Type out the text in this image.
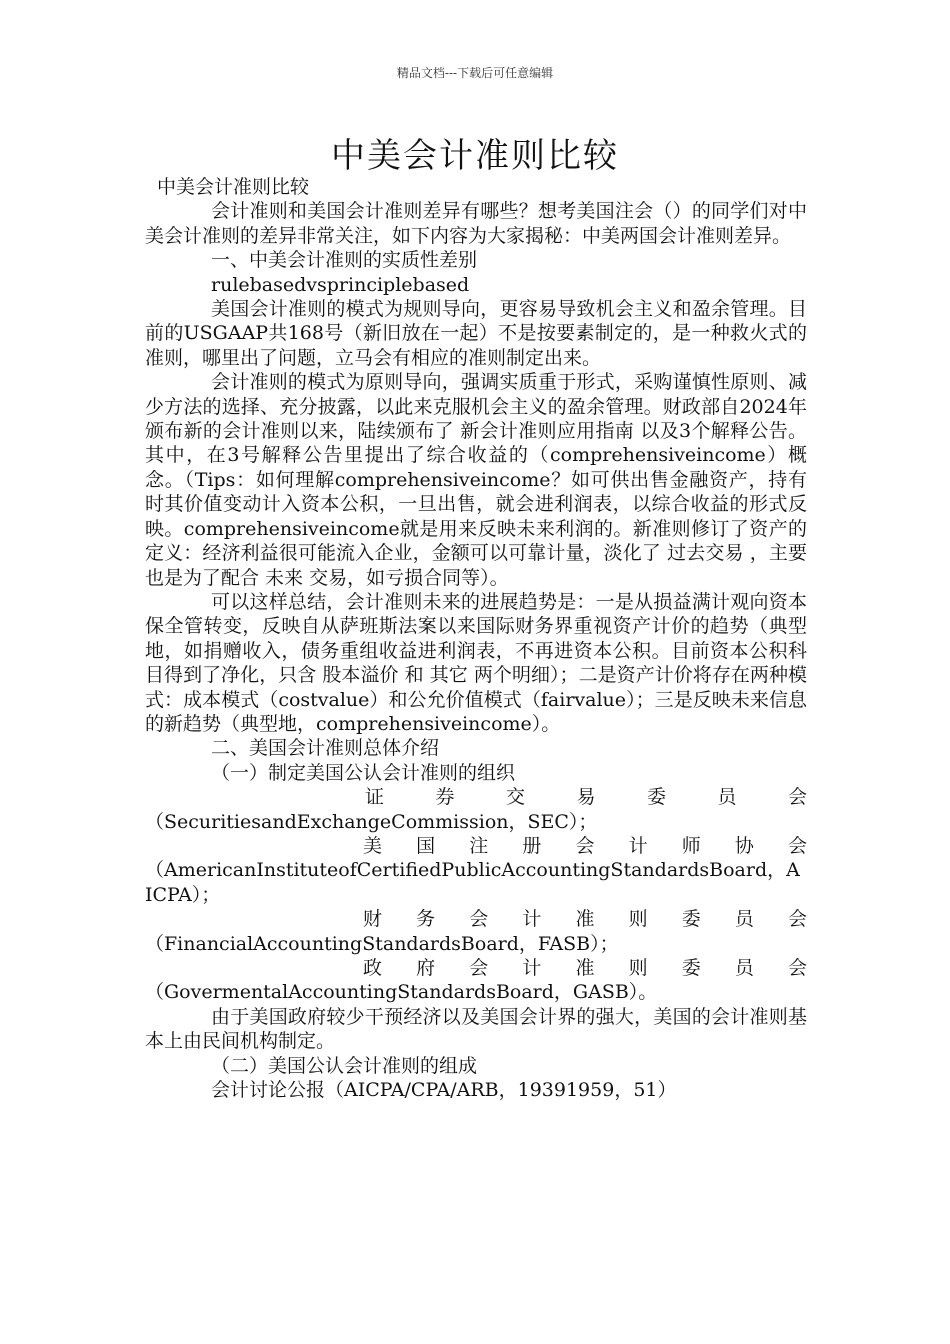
精品文档---下载后可任意编辑
中美会计准则比较

中美会计准则比较

会计准则和美国会计准则差异有哪些？想考美国注会（）的同学们对中美会计准则的差异非常关注，如下内容为大家揭秘：中美两国会计准则差异。

一、中美会计准则的实质性差别

rulebasedvsprinciplebased

美国会计准则的模式为规则导向，更容易导致机会主义和盈余管理。目前的USGAAP共168号（新旧放在一起）不是按要素制定的，是一种救火式的准则，哪里出了问题，立马会有相应的准则制定出来。

会计准则的模式为原则导向，强调实质重于形式，采购谨慎性原则、减少方法的选择、充分披露，以此来克服机会主义的盈余管理。财政部自2024年颁布新的会计准则以来，陆续颁布了 新会计准则应用指南 以及3个解释公告。其中，在3号解释公告里提出了综合收益的（comprehensiveincome）概念。（Tips：如何理解comprehensiveincome？如可供出售金融资产，持有时其价值变动计入资本公积，一旦出售，就会进利润表，以综合收益的形式反映。comprehensiveincome就是用来反映未来利润的。新准则修订了资产的定义：经济利益很可能流入企业，金额可以可靠计量，淡化了 过去交易 ，主要也是为了配合 未来 交易，如亏损合同等）。

可以这样总结，会计准则未来的进展趋势是：一是从损益满计观向资本保全管转变，反映自从萨班斯法案以来国际财务界重视资产计价的趋势（典型地，如捐赠收入，债务重组收益进利润表，不再进资本公积。目前资本公积科目得到了净化，只含 股本溢价 和 其它 两个明细）；二是资产计价将存在两种模式：成本模式（costvalue）和公允价值模式（fairvalue）；三是反映未来信息的新趋势（典型地，comprehensiveincome）。

二、美国会计准则总体介绍

（一）制定美国公认会计准则的组织

证券交易委员会
（SecuritiesandExchangeCommission，SEC）；
美国注册会计师协会
（AmericanInstituteofCertifiedPublicAccountingStandardsBoard，AICPA）；
财务会计准则委员会
（FinancialAccountingStandardsBoard，FASB）；
政府会计准则委员会
（GovermentalAccountingStandardsBoard，GASB）。

由于美国政府较少干预经济以及美国会计界的强大，美国的会计准则基本上由民间机构制定。

（二）美国公认会计准则的组成

会计讨论公报（AICPA/CPA/ARB，19391959，51）
